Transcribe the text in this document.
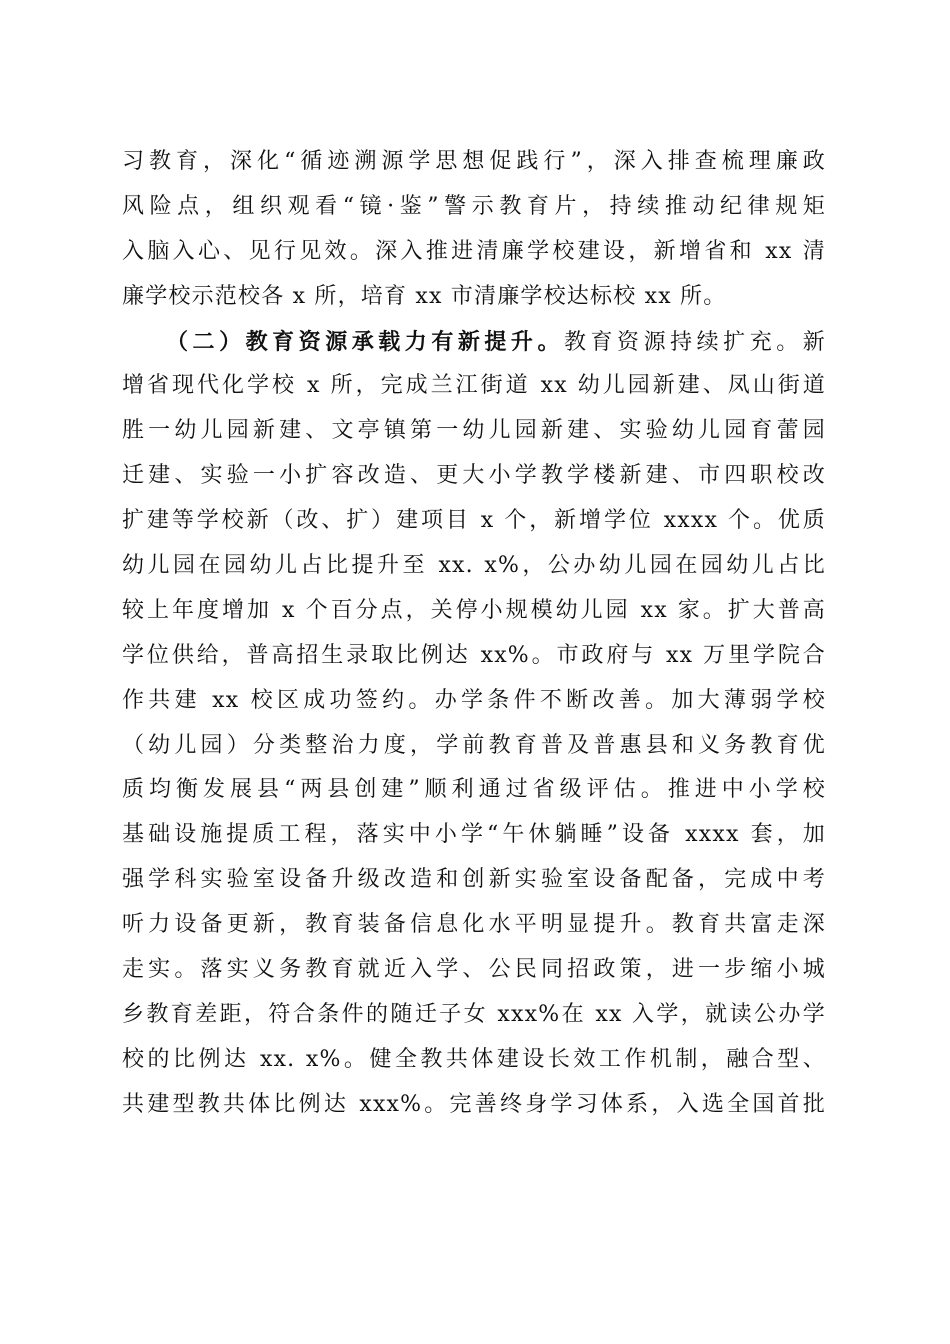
习教育，深化“循迹溯源学思想促践行”，深入排查梳理廉政
风险点，组织观看“镜·鉴”警示教育片，持续推动纪律规矩
入脑入心、见行见效。深入推进清廉学校建设，新增省和 xx 清
廉学校示范校各 x 所，培育 xx 市清廉学校达标校 xx 所。
（二）教育资源承载力有新提升。教育资源持续扩充。新
增省现代化学校 x 所，完成兰江街道 xx 幼儿园新建、凤山街道
胜一幼儿园新建、文亭镇第一幼儿园新建、实验幼儿园育蕾园
迁建、实验一小扩容改造、更大小学教学楼新建、市四职校改
扩建等学校新（改、扩）建项目 x 个，新增学位 xxxx 个。优质
幼儿园在园幼儿占比提升至 xx. x%，公办幼儿园在园幼儿占比
较上年度增加 x 个百分点，关停小规模幼儿园 xx 家。扩大普高
学位供给，普高招生录取比例达 xx%。市政府与 xx 万里学院合
作共建 xx 校区成功签约。办学条件不断改善。加大薄弱学校
（幼儿园）分类整治力度，学前教育普及普惠县和义务教育优
质均衡发展县“两县创建”顺利通过省级评估。推进中小学校
基础设施提质工程，落实中小学“午休躺睡”设备 xxxx 套，加
强学科实验室设备升级改造和创新实验室设备配备，完成中考
听力设备更新，教育装备信息化水平明显提升。教育共富走深
走实。落实义务教育就近入学、公民同招政策，进一步缩小城
乡教育差距，符合条件的随迁子女 xxx%在 xx 入学，就读公办学
校的比例达 xx. x%。健全教共体建设长效工作机制，融合型、
共建型教共体比例达 xxx%。完善终身学习体系，入选全国首批
